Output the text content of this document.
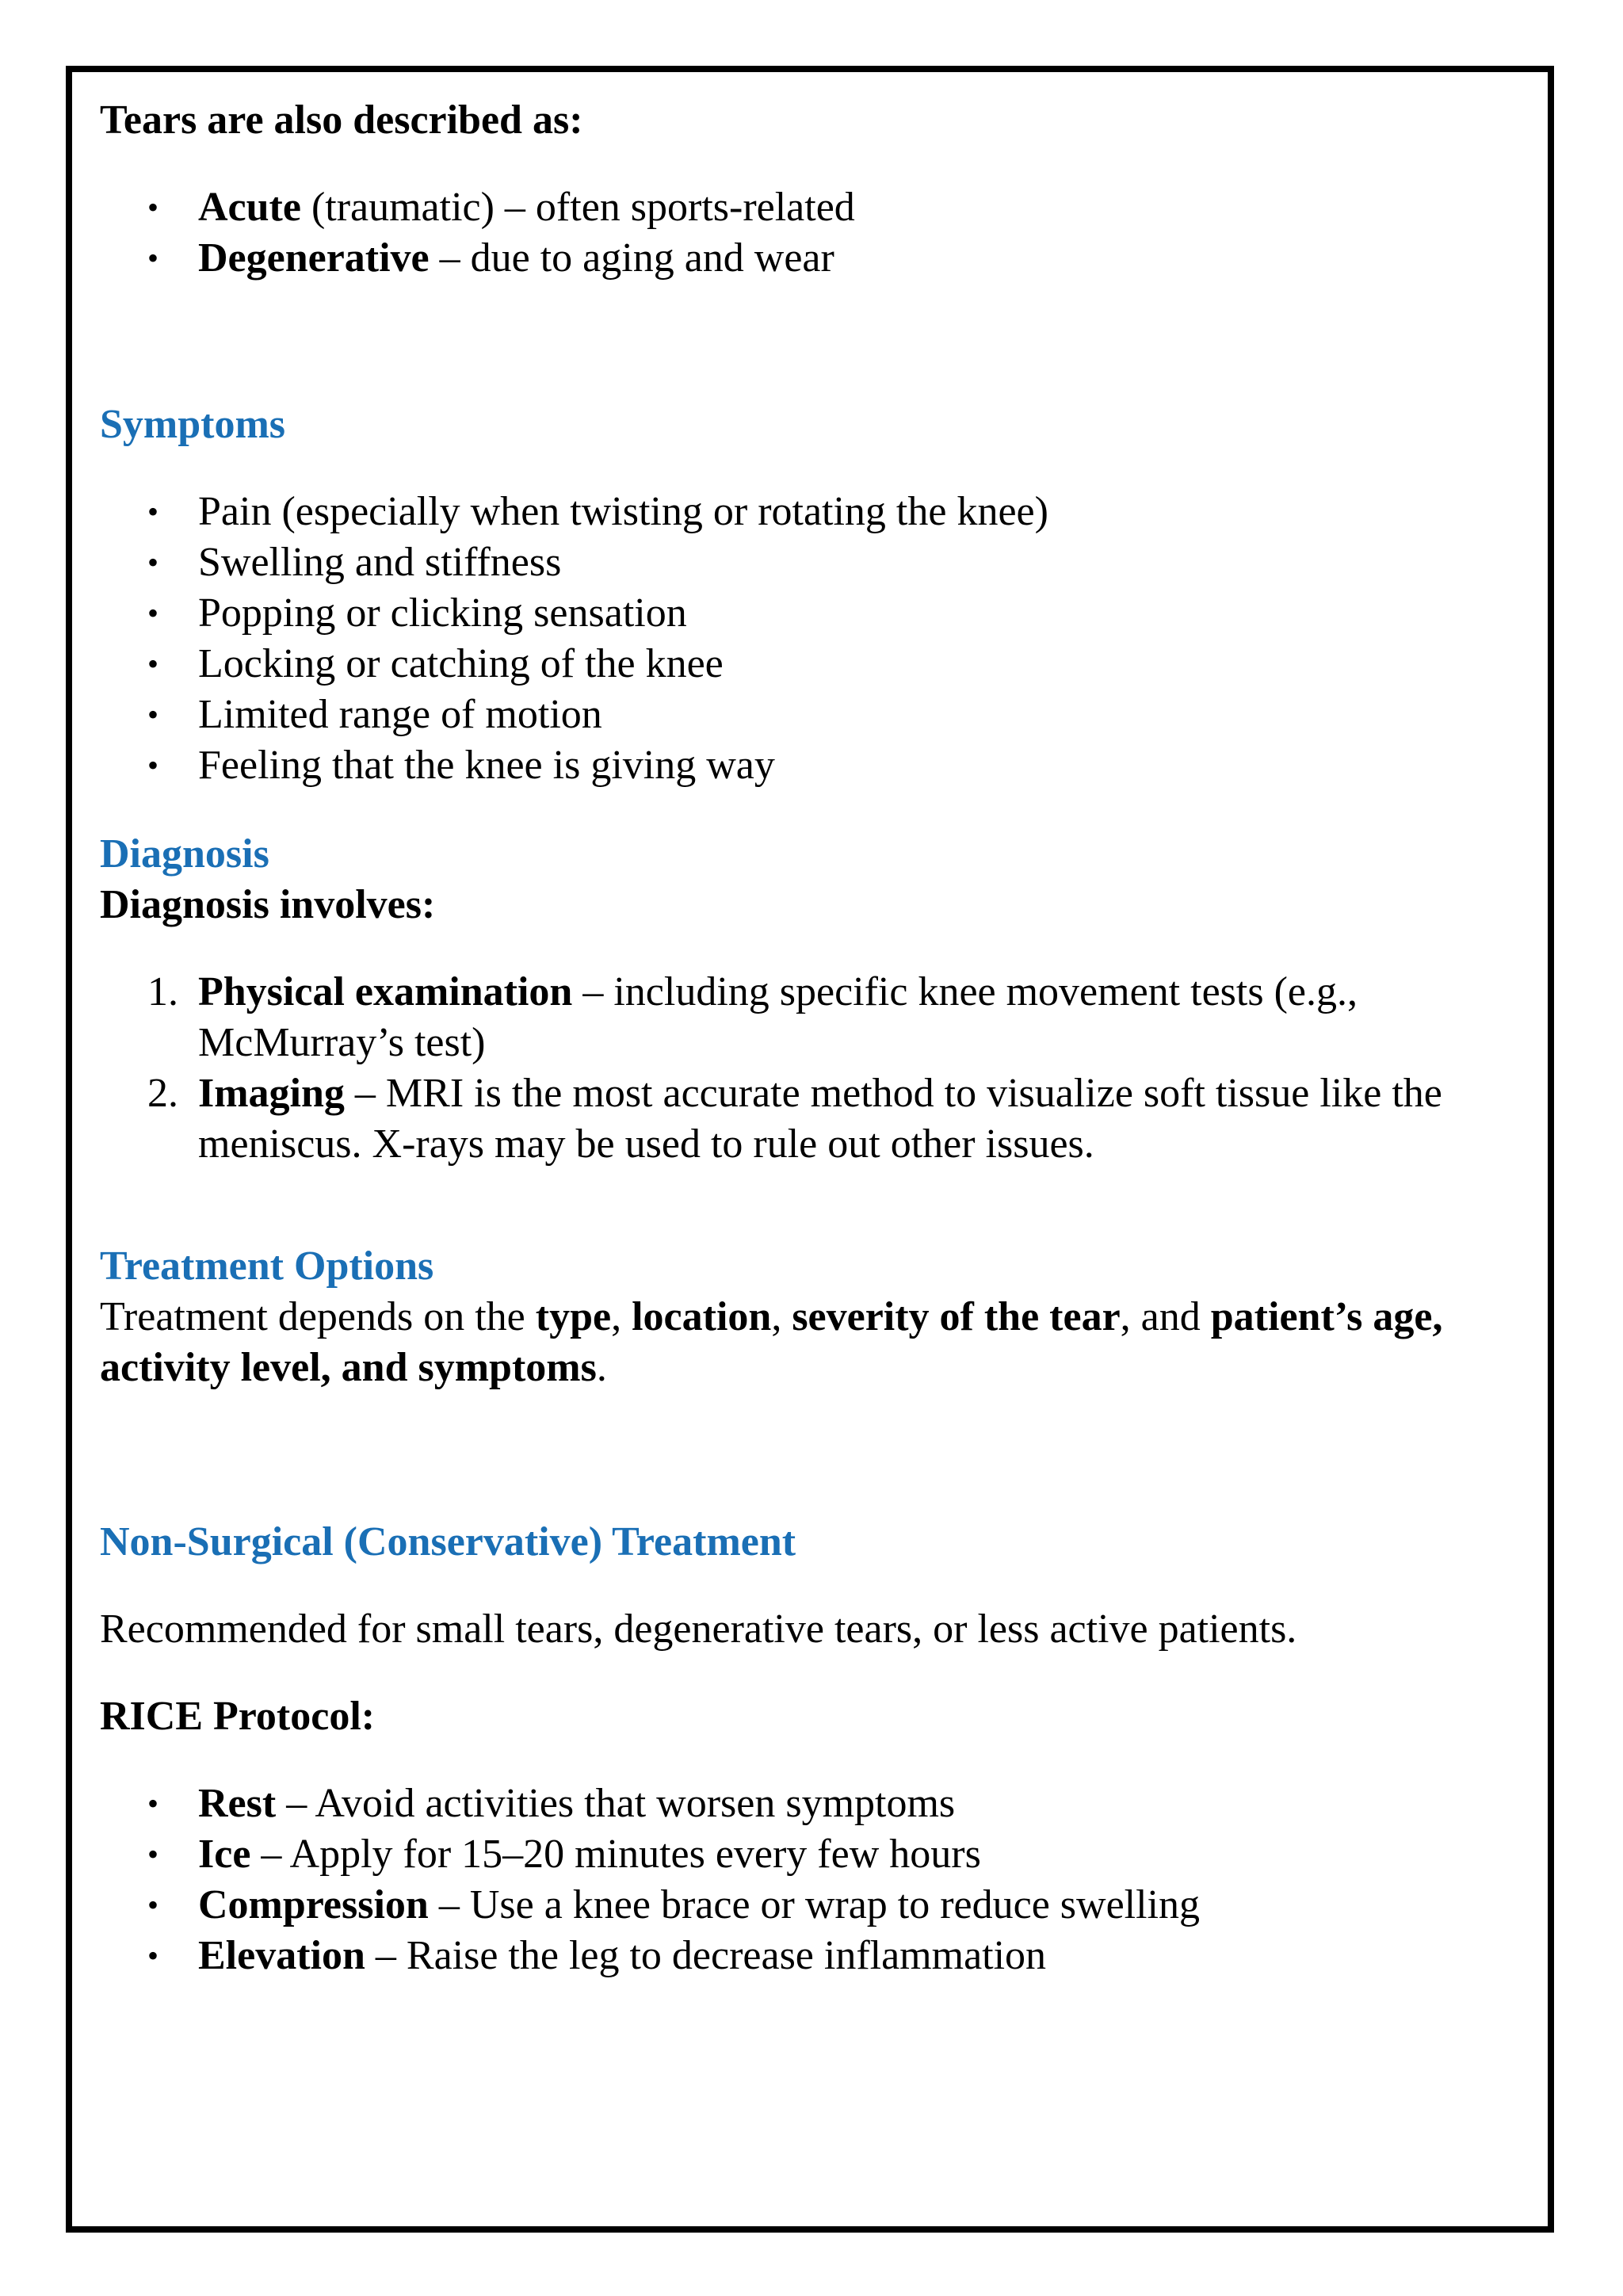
Tears are also described as:

• Acute (traumatic) – often sports-related
• Degenerative – due to aging and wear

Symptoms

• Pain (especially when twisting or rotating the knee)
• Swelling and stiffness
• Popping or clicking sensation
• Locking or catching of the knee
• Limited range of motion
• Feeling that the knee is giving way

Diagnosis

Diagnosis involves:

1. Physical examination – including specific knee movement tests (e.g., McMurray’s test)
2. Imaging – MRI is the most accurate method to visualize soft tissue like the meniscus. X-rays may be used to rule out other issues.

Treatment Options

Treatment depends on the type, location, severity of the tear, and patient’s age, activity level, and symptoms.

Non-Surgical (Conservative) Treatment

Recommended for small tears, degenerative tears, or less active patients.

RICE Protocol:

• Rest – Avoid activities that worsen symptoms
• Ice – Apply for 15–20 minutes every few hours
• Compression – Use a knee brace or wrap to reduce swelling
• Elevation – Raise the leg to decrease inflammation
